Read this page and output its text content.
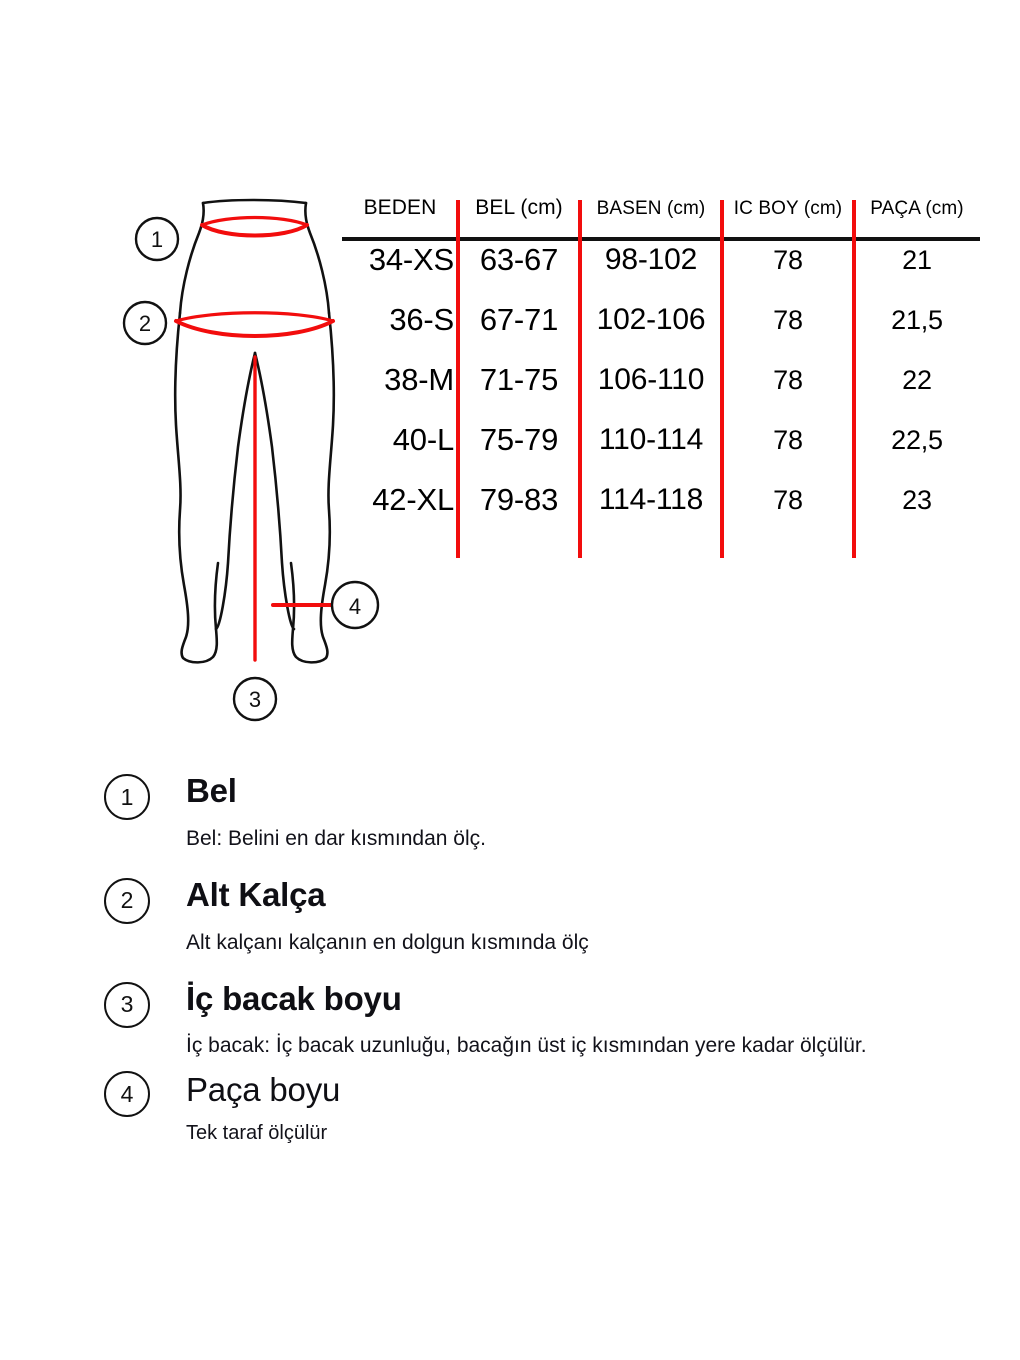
1
2
3
4
BEDEN	BEL (cm)	BASEN (cm)	IC BOY (cm)	PAÇA (cm)
34-XS	63-67	98-102	78	21
36-S	67-71	102-106	78	21,5
38-M	71-75	106-110	78	22
40-L	75-79	110-114	78	22,5
42-XL	79-83	114-118	78	23
1	Bel

Bel: Belini en dar kısmından ölç.

2	Alt Kalça

Alt kalçanı kalçanın en dolgun kısmında ölç

3	İç bacak boyu

İç bacak: İç bacak uzunluğu, bacağın üst iç kısmından yere kadar ölçülür.

4	Paça boyu

Tek taraf ölçülür
